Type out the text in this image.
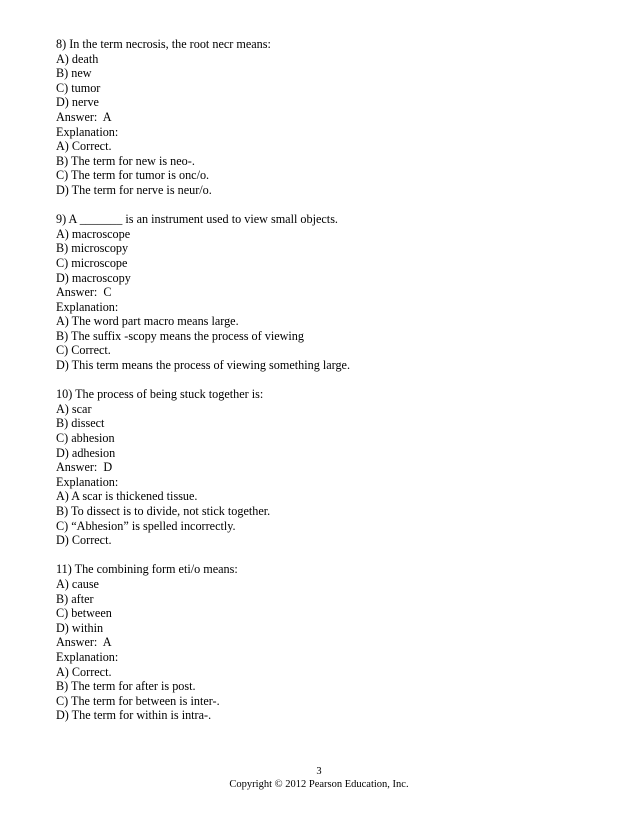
8) In the term necrosis, the root necr means:
A) death
B) new
C) tumor
D) nerve
Answer:  A
Explanation:
A) Correct.
B) The term for new is neo-.
C) The term for tumor is onc/o.
D) The term for nerve is neur/o.
9) A _______ is an instrument used to view small objects.
A) macroscope
B) microscopy
C) microscope
D) macroscopy
Answer:  C
Explanation:
A) The word part macro means large.
B) The suffix -scopy means the process of viewing
C) Correct.
D) This term means the process of viewing something large.
10) The process of being stuck together is:
A) scar
B) dissect
C) abhesion
D) adhesion
Answer:  D
Explanation:
A) A scar is thickened tissue.
B) To dissect is to divide, not stick together.
C) “Abhesion” is spelled incorrectly.
D) Correct.
11) The combining form eti/o means:
A) cause
B) after
C) between
D) within
Answer:  A
Explanation:
A) Correct.
B) The term for after is post.
C) The term for between is inter-.
D) The term for within is intra-.
3
Copyright © 2012 Pearson Education, Inc.
